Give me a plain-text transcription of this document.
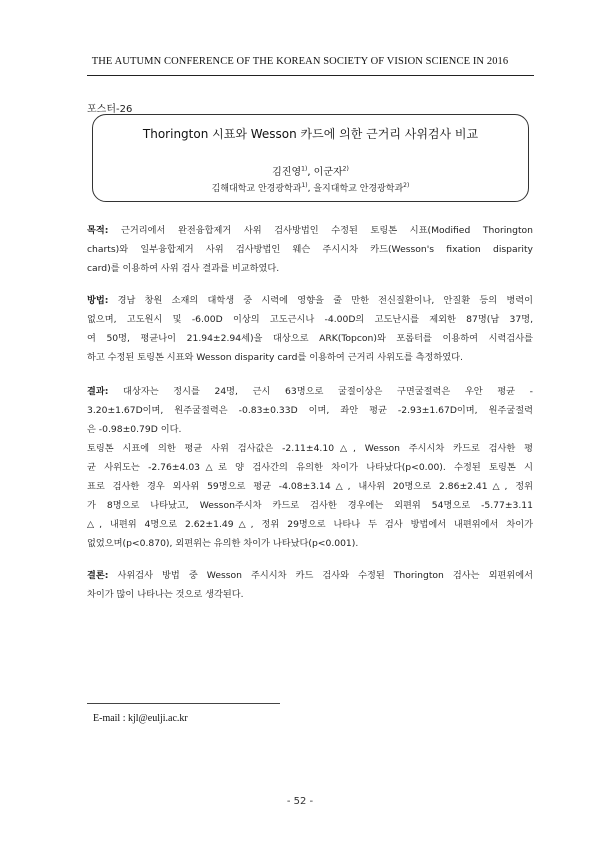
THE AUTUMN CONFERENCE OF THE KOREAN SOCIETY OF VISION SCIENCE IN 2016
포스터-26
Thorington 시표와 Wesson 카드에 의한 근거리 사위검사 비교
김진영$^{1)}$, 이군자$^{2)}$
김해대학교 안경광학과$^{1)}$, 을지대학교 안경광학과$^{2)}$
목적: 근거리에서 완전융합제거 사위 검사방법인 수정된 토링톤 시표(Modified Thorington
charts)와 일부융합제거 사위 검사방법인 웨슨 주시시차 카드(Wesson's fixation disparity
card)를 이용하여 사위 검사 결과를 비교하였다.
방법: 경남 창원 소재의 대학생 중 시력에 영향을 줄 만한 전신질환이나, 안질환 등의 병력이
없으며, 고도원시 및 -6.00D 이상의 고도근시나 -4.00D의 고도난시를 제외한 87명(남 37명,
여 50명, 평균나이 21.94±2.94세)을 대상으로 ARK(Topcon)와 포롭터를 이용하여 시력검사를
하고 수정된 토링톤 시표와 Wesson disparity card를 이용하여 근거리 사위도를 측정하였다.
결과: 대상자는 정시를 24명, 근시 63명으로 굴절이상은 구면굴절력은 우안 평균 -
3.20±1.67D이며, 원주굴절력은 -0.83±0.33D 이며, 좌안 평균 -2.93±1.67D이며, 원주굴절력
은 -0.98±0.79D 이다.
토링톤 시표에 의한 평균 사위 검사값은 -2.11±4.10△, Wesson 주시시차 카드로 검사한 평
균 사위도는 -2.76±4.03△로 양 검사간의 유의한 차이가 나타났다(p<0.00). 수정된 토링톤 시
표로 검사한 경우 외사위 59명으로 평균 -4.08±3.14△, 내사위 20명으로 2.86±2.41△, 정위
가 8명으로 나타났고, Wesson주시차 카드로 검사한 경우에는 외편위 54명으로 -5.77±3.11
△, 내편위 4명으로 2.62±1.49△, 정위 29명으로 나타나 두 검사 방법에서 내편위에서 차이가
없었으며(p<0.870), 외편위는 유의한 차이가 나타났다(p<0.001).
결론: 사위검사 방법 중 Wesson 주시시차 카드 검사와 수정된 Thorington 검사는 외편위에서
차이가 많이 나타나는 것으로 생각된다.
E-mail : kjl@eulji.ac.kr
- 52 -
